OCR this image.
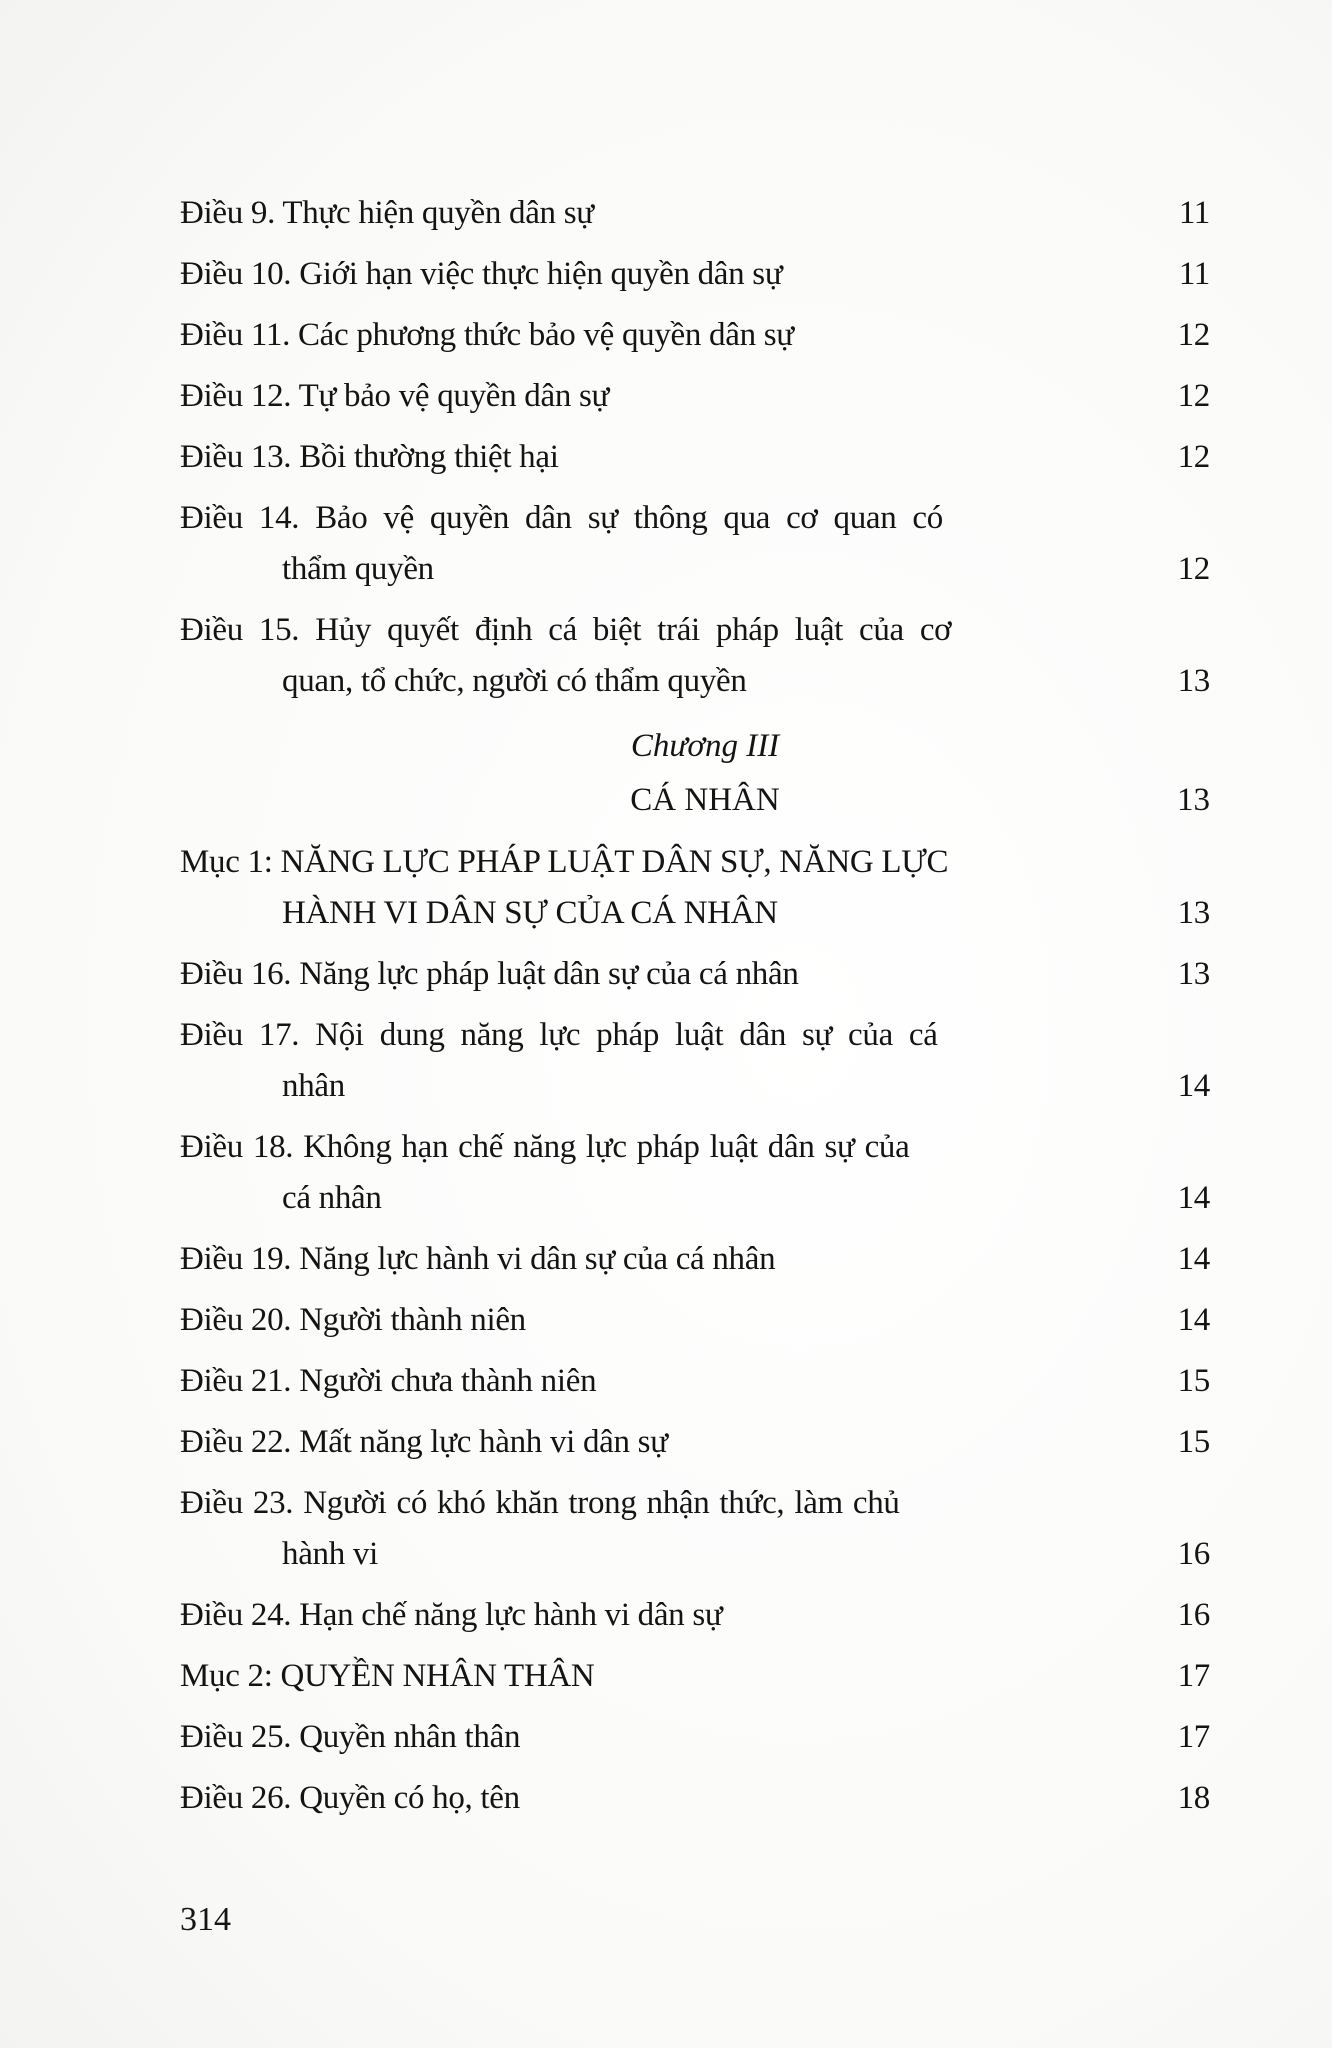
Điều 9. Thực hiện quyền dân sự	11
Điều 10. Giới hạn việc thực hiện quyền dân sự	11
Điều 11. Các phương thức bảo vệ quyền dân sự	12
Điều 12. Tự bảo vệ quyền dân sự	12
Điều 13. Bồi thường thiệt hại	12
Điều 14. Bảo vệ quyền dân sự thông qua cơ quan có
thẩm quyền	12
Điều 15. Hủy quyết định cá biệt trái pháp luật của cơ
quan, tổ chức, người có thẩm quyền	13
Chương III
CÁ NHÂN	13
Mục 1: NĂNG LỰC PHÁP LUẬT DÂN SỰ, NĂNG LỰC
HÀNH VI DÂN SỰ CỦA CÁ NHÂN	13
Điều 16. Năng lực pháp luật dân sự của cá nhân	13
Điều 17. Nội dung năng lực pháp luật dân sự của cá
nhân	14
Điều 18. Không hạn chế năng lực pháp luật dân sự của
cá nhân	14
Điều 19. Năng lực hành vi dân sự của cá nhân	14
Điều 20. Người thành niên	14
Điều 21. Người chưa thành niên	15
Điều 22. Mất năng lực hành vi dân sự	15
Điều 23. Người có khó khăn trong nhận thức, làm chủ
hành vi	16
Điều 24. Hạn chế năng lực hành vi dân sự	16
Mục 2: QUYỀN NHÂN THÂN	17
Điều 25. Quyền nhân thân	17
Điều 26. Quyền có họ, tên	18
314
